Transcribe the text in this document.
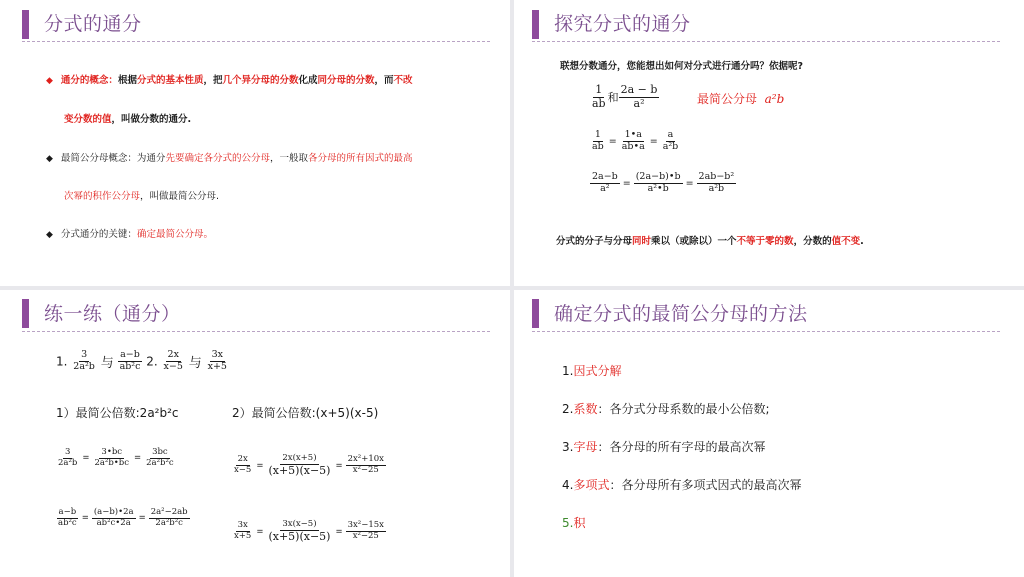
分式的通分
◆ 通分的概念：根据分式的基本性质，把几个异分母的分数化成同分母的分数，而不改
变分数的值，叫做分数的通分.
◆ 最简公分母概念：为通分先要确定各分式的公分母，一般取各分母的所有因式的最高
次幂的积作公分母，叫做最简公分母.
◆ 分式通分的关键：确定最简公分母。
探究分式的通分
联想分数通分，您能想出如何对分式进行通分吗？依据呢?
$\frac{1}{ab}$ 和 $\frac{2a - b}{\text{a²}}$	最简公分母 a²b
$\frac{1}{ab} = \frac{1•a}{ab•a} = \frac{a}{\text{a²b}}$
$\frac{2a-b}{\text{a²}} = \frac{(2a-b)•b}{\text{a²•b}} = \frac{\text{2ab−b²}}{\text{a²b}}$
分式的分子与分母同时乘以（或除以）一个不等于零的数，分数的值不变.
练一练（通分）
1. $\frac{3}{\text{2a²b}}$ 与 $\frac{a-b}{\text{ab²c}} 2$. $\frac{2x}{x-5}$ 与 $\frac{3x}{x+5}$
1）最简公倍数:2a²b²c	2）最简公倍数:(x+5)(x-5)
$\frac{3}{\text{2a²b}} = \frac{3•bc}{\text{2a²b•bc}} = \frac{3bc}{\text{2a²b²c}}$
$\frac{a-b}{\text{ab²c}} = \frac{(a-b)•2a}{\text{ab²c•2a}} = \frac{\text{2a²−2ab}}{\text{2a²b²c}}$
$\frac{2x}{x-5} = \frac{2x(x+5)}{(x+5)(x-5)} = \frac{\text{2x²+10x}}{\text{x²−25}}$
$\frac{3x}{x+5} = \frac{3x(x-5)}{(x+5)(x-5)} = \frac{\text{3x²−15x}}{\text{x²−25}}$
确定分式的最简公分母的方法
1.因式分解
2.系数：各分式分母系数的最小公倍数;
3.字母：各分母的所有字母的最高次幂
4.多项式：各分母所有多项式因式的最高次幂
5.积
